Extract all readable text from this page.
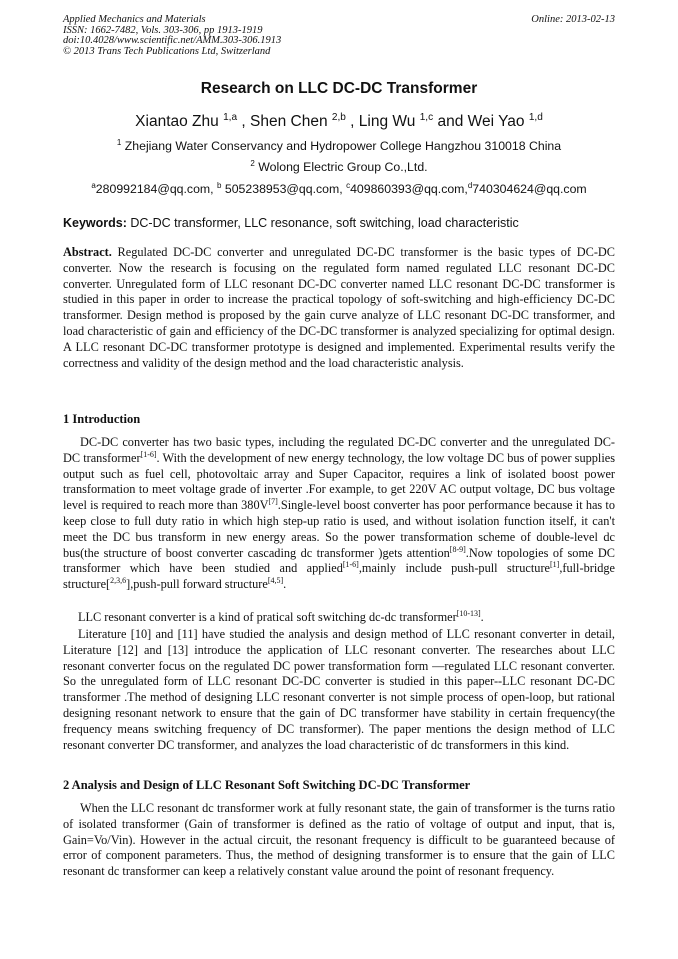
Applied Mechanics and Materials
ISSN: 1662-7482, Vols. 303-306, pp 1913-1919
doi:10.4028/www.scientific.net/AMM.303-306.1913
© 2013 Trans Tech Publications Ltd, Switzerland
Online: 2013-02-13
Research on LLC DC-DC Transformer
Xiantao Zhu $^{1,a}$ , Shen Chen $^{2,b}$ , Ling Wu $^{1,c}$ and Wei Yao $^{1,d}$
$^1$ Zhejiang Water Conservancy and Hydropower College Hangzhou 310018 China
$^2$ Wolong Electric Group Co.,Ltd.
$^a$280992184@qq.com, $^b$ 505238953@qq.com, $^c$409860393@qq.com,$^d$740304624@qq.com
Keywords: DC-DC transformer, LLC resonance, soft switching, load characteristic
Abstract. Regulated DC-DC converter and unregulated DC-DC transformer is the basic types of DC-DC converter. Now the research is focusing on the regulated form named regulated LLC resonant DC-DC converter. Unregulated form of LLC resonant DC-DC converter named LLC resonant DC-DC transformer is studied in this paper in order to increase the practical topology of soft-switching and high-efficiency DC-DC transformer. Design method is proposed by the gain curve analyze of LLC resonant DC-DC transformer, and load characteristic of gain and efficiency of the DC-DC transformer is analyzed specializing for optimal design. A LLC resonant DC-DC transformer prototype is designed and implemented. Experimental results verify the correctness and validity of the design method and the load characteristic analysis.
1 Introduction
DC-DC converter has two basic types, including the regulated DC-DC converter and the unregulated DC-DC transformer[1-6]. With the development of new energy technology, the low voltage DC bus of power supplies output such as fuel cell, photovoltaic array and Super Capacitor, requires a link of isolated boost power transformation to meet voltage grade of inverter .For example, to get 220V AC output voltage, DC bus voltage level is required to reach more than 380V[7].Single-level boost converter has poor performance because it has to keep close to full duty ratio in which high step-up ratio is used, and without isolation function itself, it can't meet the DC bus transform in new energy areas. So the power transformation scheme of double-level dc bus(the structure of boost converter cascading dc transformer )gets attention[8-9].Now topologies of some DC transformer which have been studied and applied[1-6],mainly include push-pull structure[1],full-bridge structure[$^{2,3,6}$],push-pull forward structure[4,5].
LLC resonant converter is a kind of pratical soft switching dc-dc transformer[10-13].
Literature [10] and [11] have studied the analysis and design method of LLC resonant converter in detail, Literature [12] and [13] introduce the application of LLC resonant converter. The researches about LLC resonant converter focus on the regulated DC power transformation form —regulated LLC resonant converter. So the unregulated form of LLC resonant DC-DC converter is studied in this paper--LLC resonant DC-DC transformer .The method of designing LLC resonant converter is not simple process of open-loop, but rational designing resonant network to ensure that the gain of DC transformer have stability in certain frequency(the frequency means switching frequency of DC transformer). The paper mentions the design method of LLC resonant converter DC transformer, and analyzes the load characteristic of dc transformers in this kind.
2 Analysis and Design of LLC Resonant Soft Switching DC-DC Transformer
When the LLC resonant dc transformer work at fully resonant state, the gain of transformer is the turns ratio of isolated transformer (Gain of transformer is defined as the ratio of voltage of output and input, that is, Gain=Vo/Vin). However in the actual circuit, the resonant frequency is difficult to be guaranteed because of error of component parameters. Thus, the method of designing transformer is to ensure that the gain of LLC resonant dc transformer can keep a relatively constant value around the point of resonant frequency.
